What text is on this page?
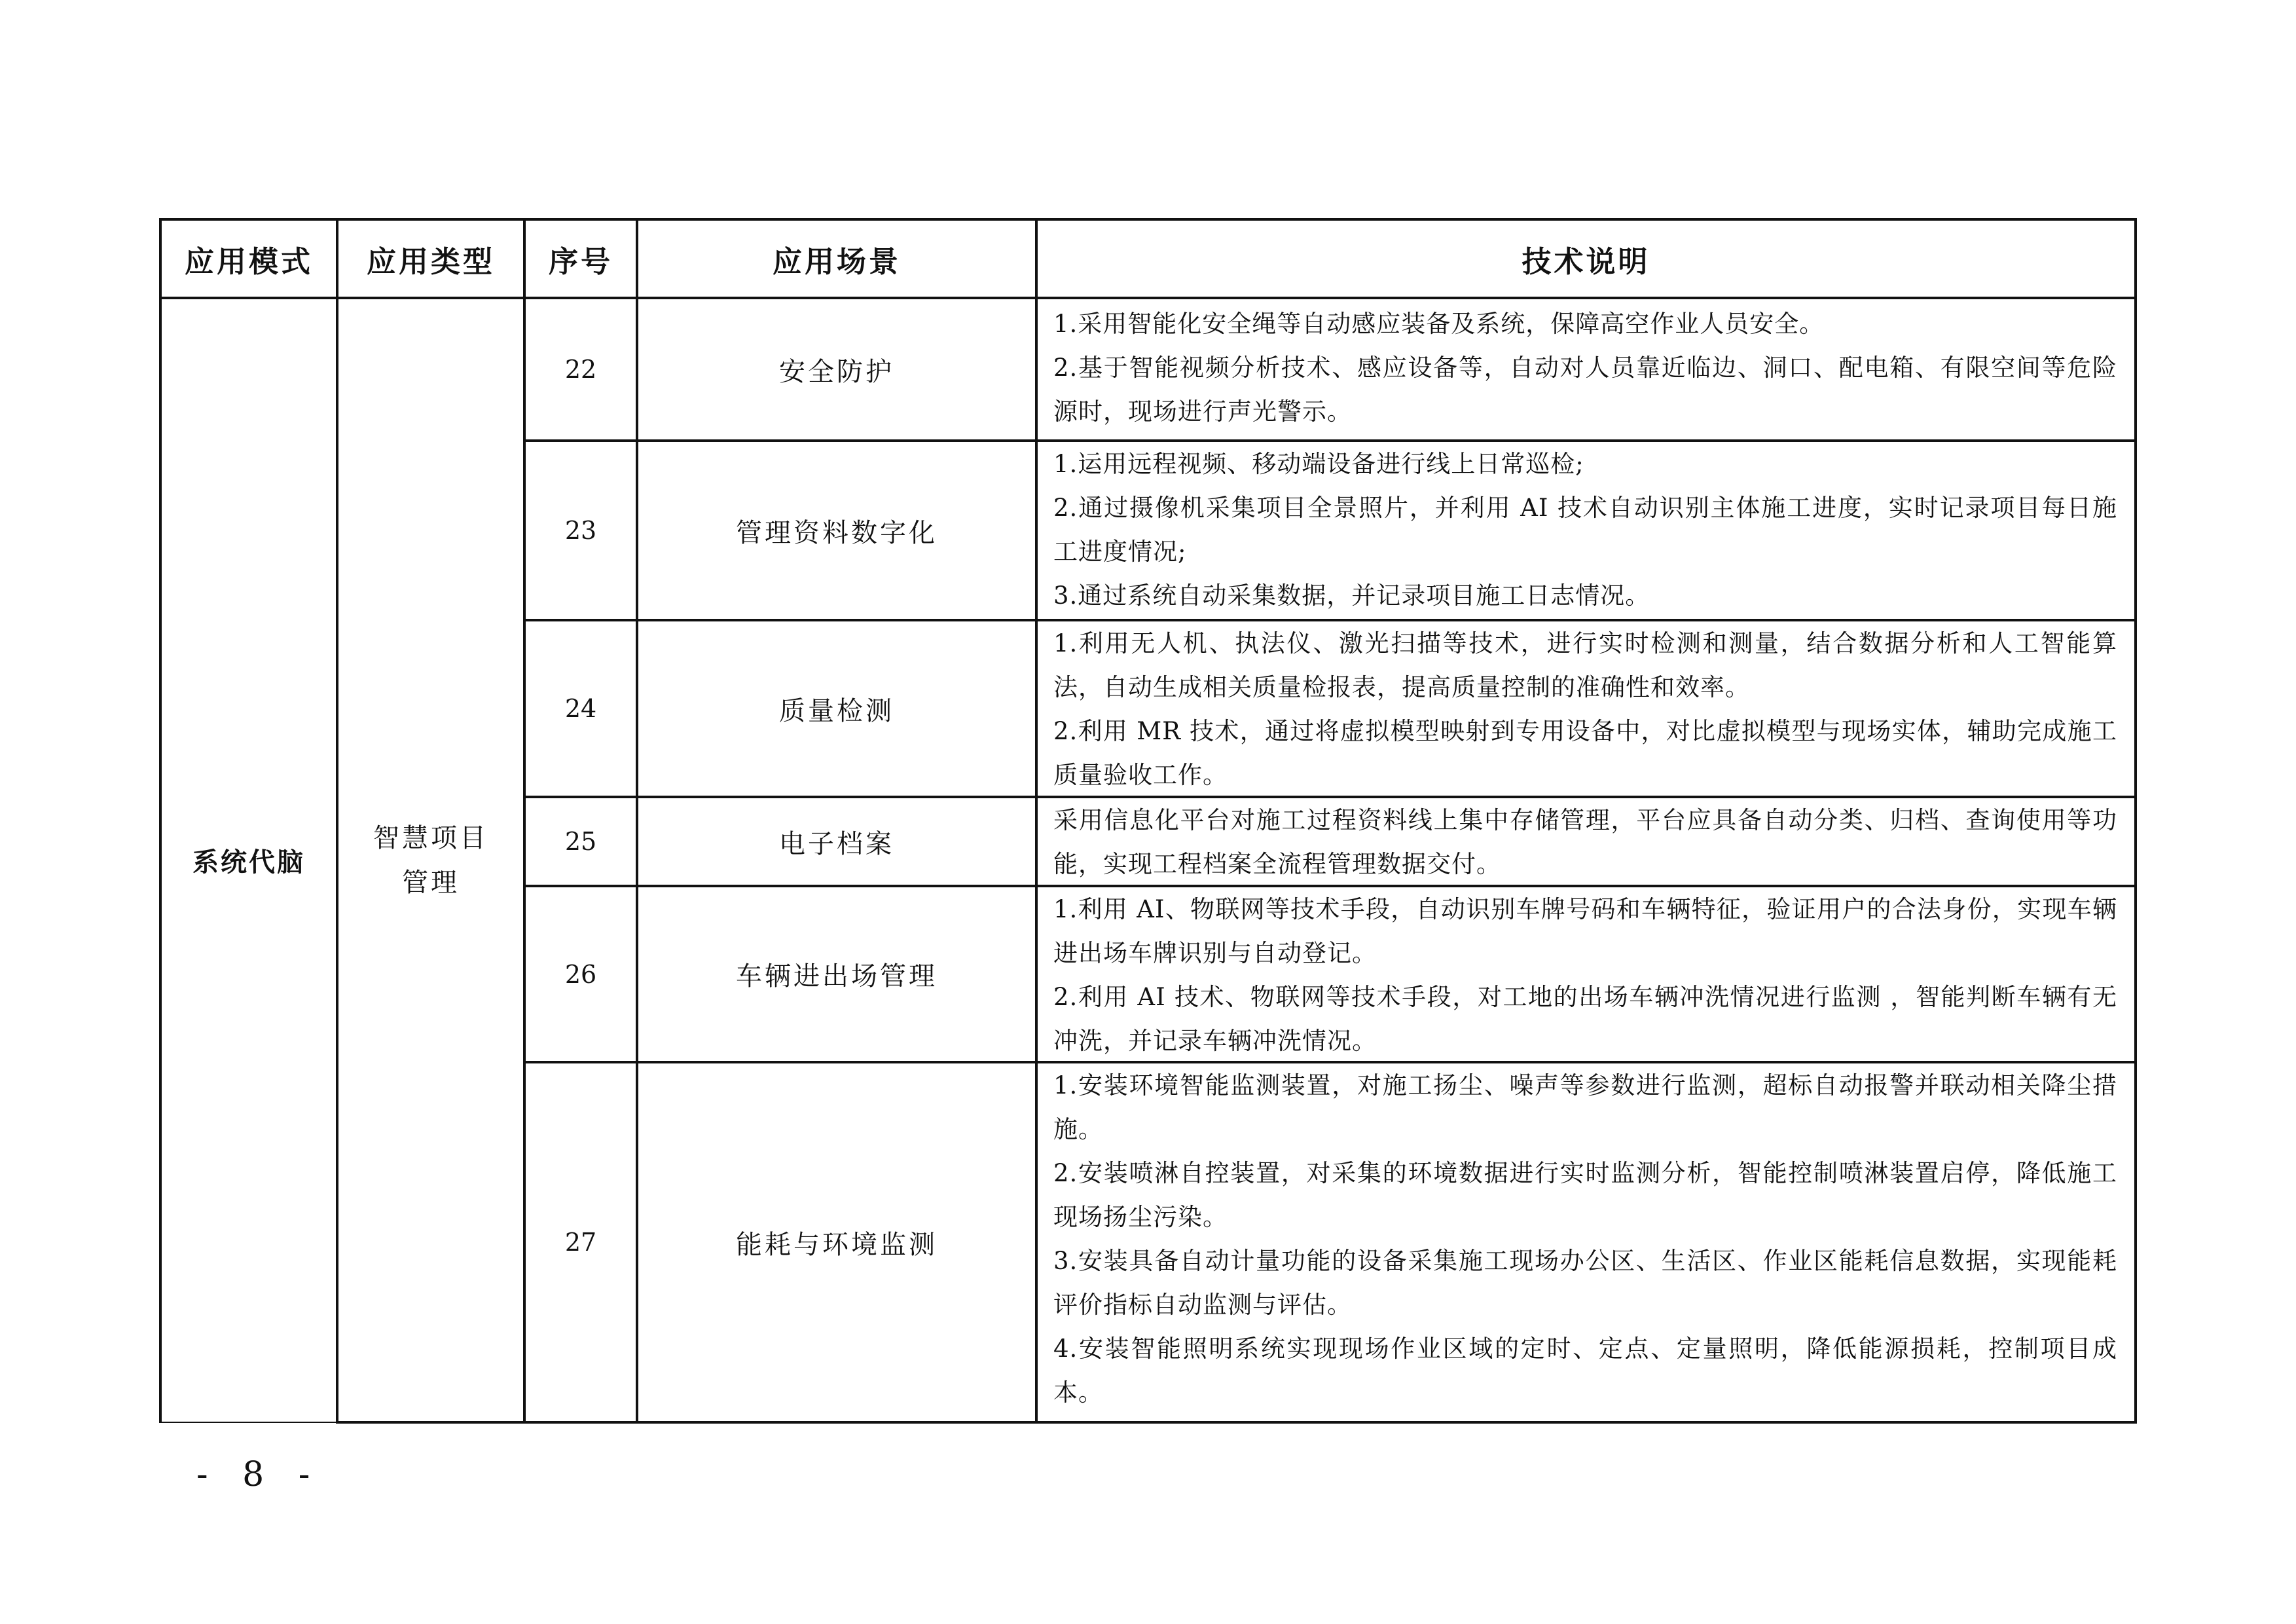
应用模式	应用类型	序号	应用场景	技术说明
系统代脑
智慧项目
管理
22	安全防护

1.采用智能化安全绳等自动感应装备及系统，保障高空作业人员安全。

2.基于智能视频分析技术、感应设备等，自动对人员靠近临边、洞口、配电箱、有限空间等危险源时，现场进行声光警示。

23	管理资料数字化

1.运用远程视频、移动端设备进行线上日常巡检;

2.通过摄像机采集项目全景照片，并利用 AI 技术自动识别主体施工进度，实时记录项目每日施工进度情况;

3.通过系统自动采集数据，并记录项目施工日志情况。

24	质量检测

1.利用无人机、执法仪、激光扫描等技术，进行实时检测和测量，结合数据分析和人工智能算法，自动生成相关质量检报表，提高质量控制的准确性和效率。

2.利用 MR 技术，通过将虚拟模型映射到专用设备中，对比虚拟模型与现场实体，辅助完成施工质量验收工作。

25	电子档案

采用信息化平台对施工过程资料线上集中存储管理，平台应具备自动分类、归档、查询使用等功能，实现工程档案全流程管理数据交付。

26	车辆进出场管理

1.利用 AI、物联网等技术手段，自动识别车牌号码和车辆特征，验证用户的合法身份，实现车辆进出场车牌识别与自动登记。

2.利用 AI 技术、物联网等技术手段，对工地的出场车辆冲洗情况进行监测 ，智能判断车辆有无冲洗，并记录车辆冲洗情况。

27	能耗与环境监测

1.安装环境智能监测装置，对施工扬尘、噪声等参数进行监测，超标自动报警并联动相关降尘措施。

2.安装喷淋自控装置，对采集的环境数据进行实时监测分析，智能控制喷淋装置启停，降低施工现场扬尘污染。

3.安装具备自动计量功能的设备采集施工现场办公区、生活区、作业区能耗信息数据，实现能耗评价指标自动监测与评估。

4.安装智能照明系统实现现场作业区域的定时、定点、定量照明，降低能源损耗，控制项目成本。

- 8 -
